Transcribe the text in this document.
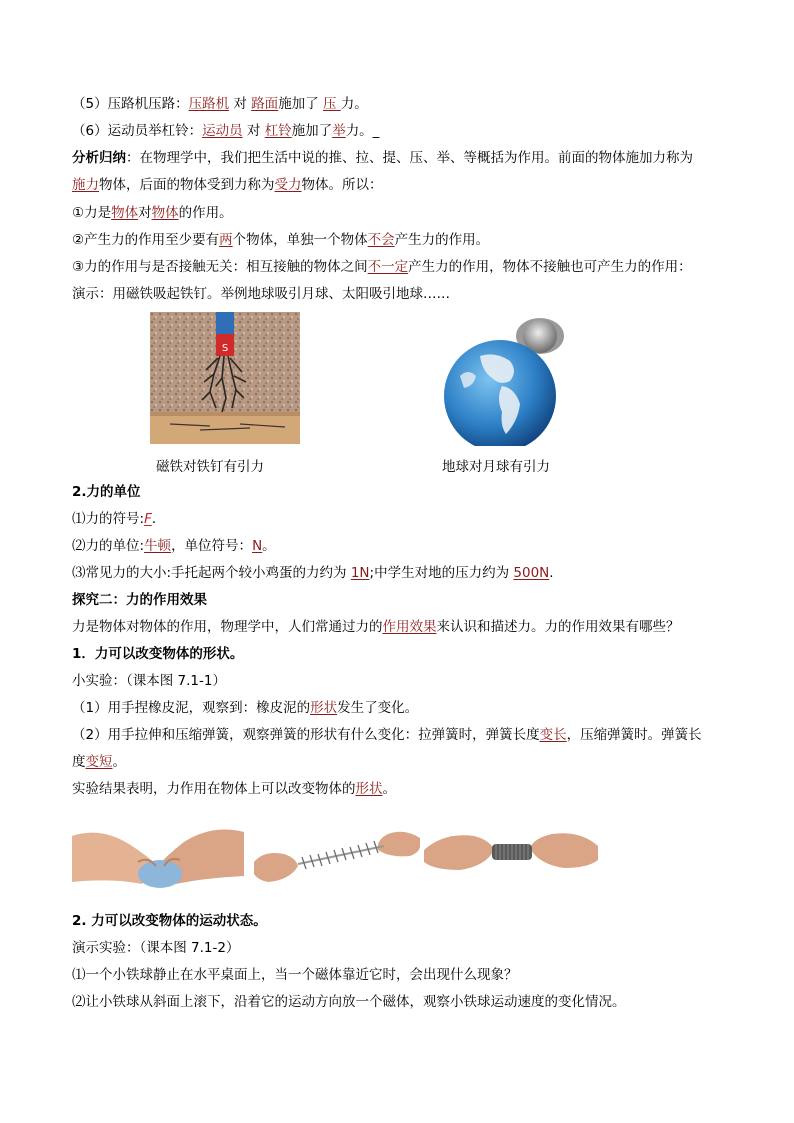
（5）压路机压路：压路机 对 路面施加了 压 力。
（6）运动员举杠铃：运动员 对 杠铃施加了举力。_
分析归纳：在物理学中，我们把生活中说的推、拉、提、压、举、等概括为作用。前面的物体施加力称为
施力物体，后面的物体受到力称为受力物体。所以：
①力是物体对物体的作用。
②产生力的作用至少要有两个物体，单独一个物体不会产生力的作用。
③力的作用与是否接触无关：相互接触的物体之间不一定产生力的作用，物体不接触也可产生力的作用：
演示：用磁铁吸起铁钉。举例地球吸引月球、太阳吸引地球……
S
磁铁对铁钉有引力	地球对月球有引力
2.力的单位
⑴力的符号:F.
⑵力的单位:牛顿，单位符号：N。
⑶常见力的大小:手托起两个较小鸡蛋的力约为 1N;中学生对地的压力约为 500N.
探究二：力的作用效果
力是物体对物体的作用，物理学中，人们常通过力的作用效果来认识和描述力。力的作用效果有哪些？
1．力可以改变物体的形状。
小实验：（课本图 7.1-1）
（1）用手捏橡皮泥，观察到：橡皮泥的形状发生了变化。
（2）用手拉伸和压缩弹簧，观察弹簧的形状有什么变化：拉弹簧时，弹簧长度变长，压缩弹簧时。弹簧长
度变短。
实验结果表明，力作用在物体上可以改变物体的形状。
2. 力可以改变物体的运动状态。
演示实验：（课本图 7.1-2）
⑴一个小铁球静止在水平桌面上，当一个磁体靠近它时，会出现什么现象？
⑵让小铁球从斜面上滚下，沿着它的运动方向放一个磁体，观察小铁球运动速度的变化情况。
